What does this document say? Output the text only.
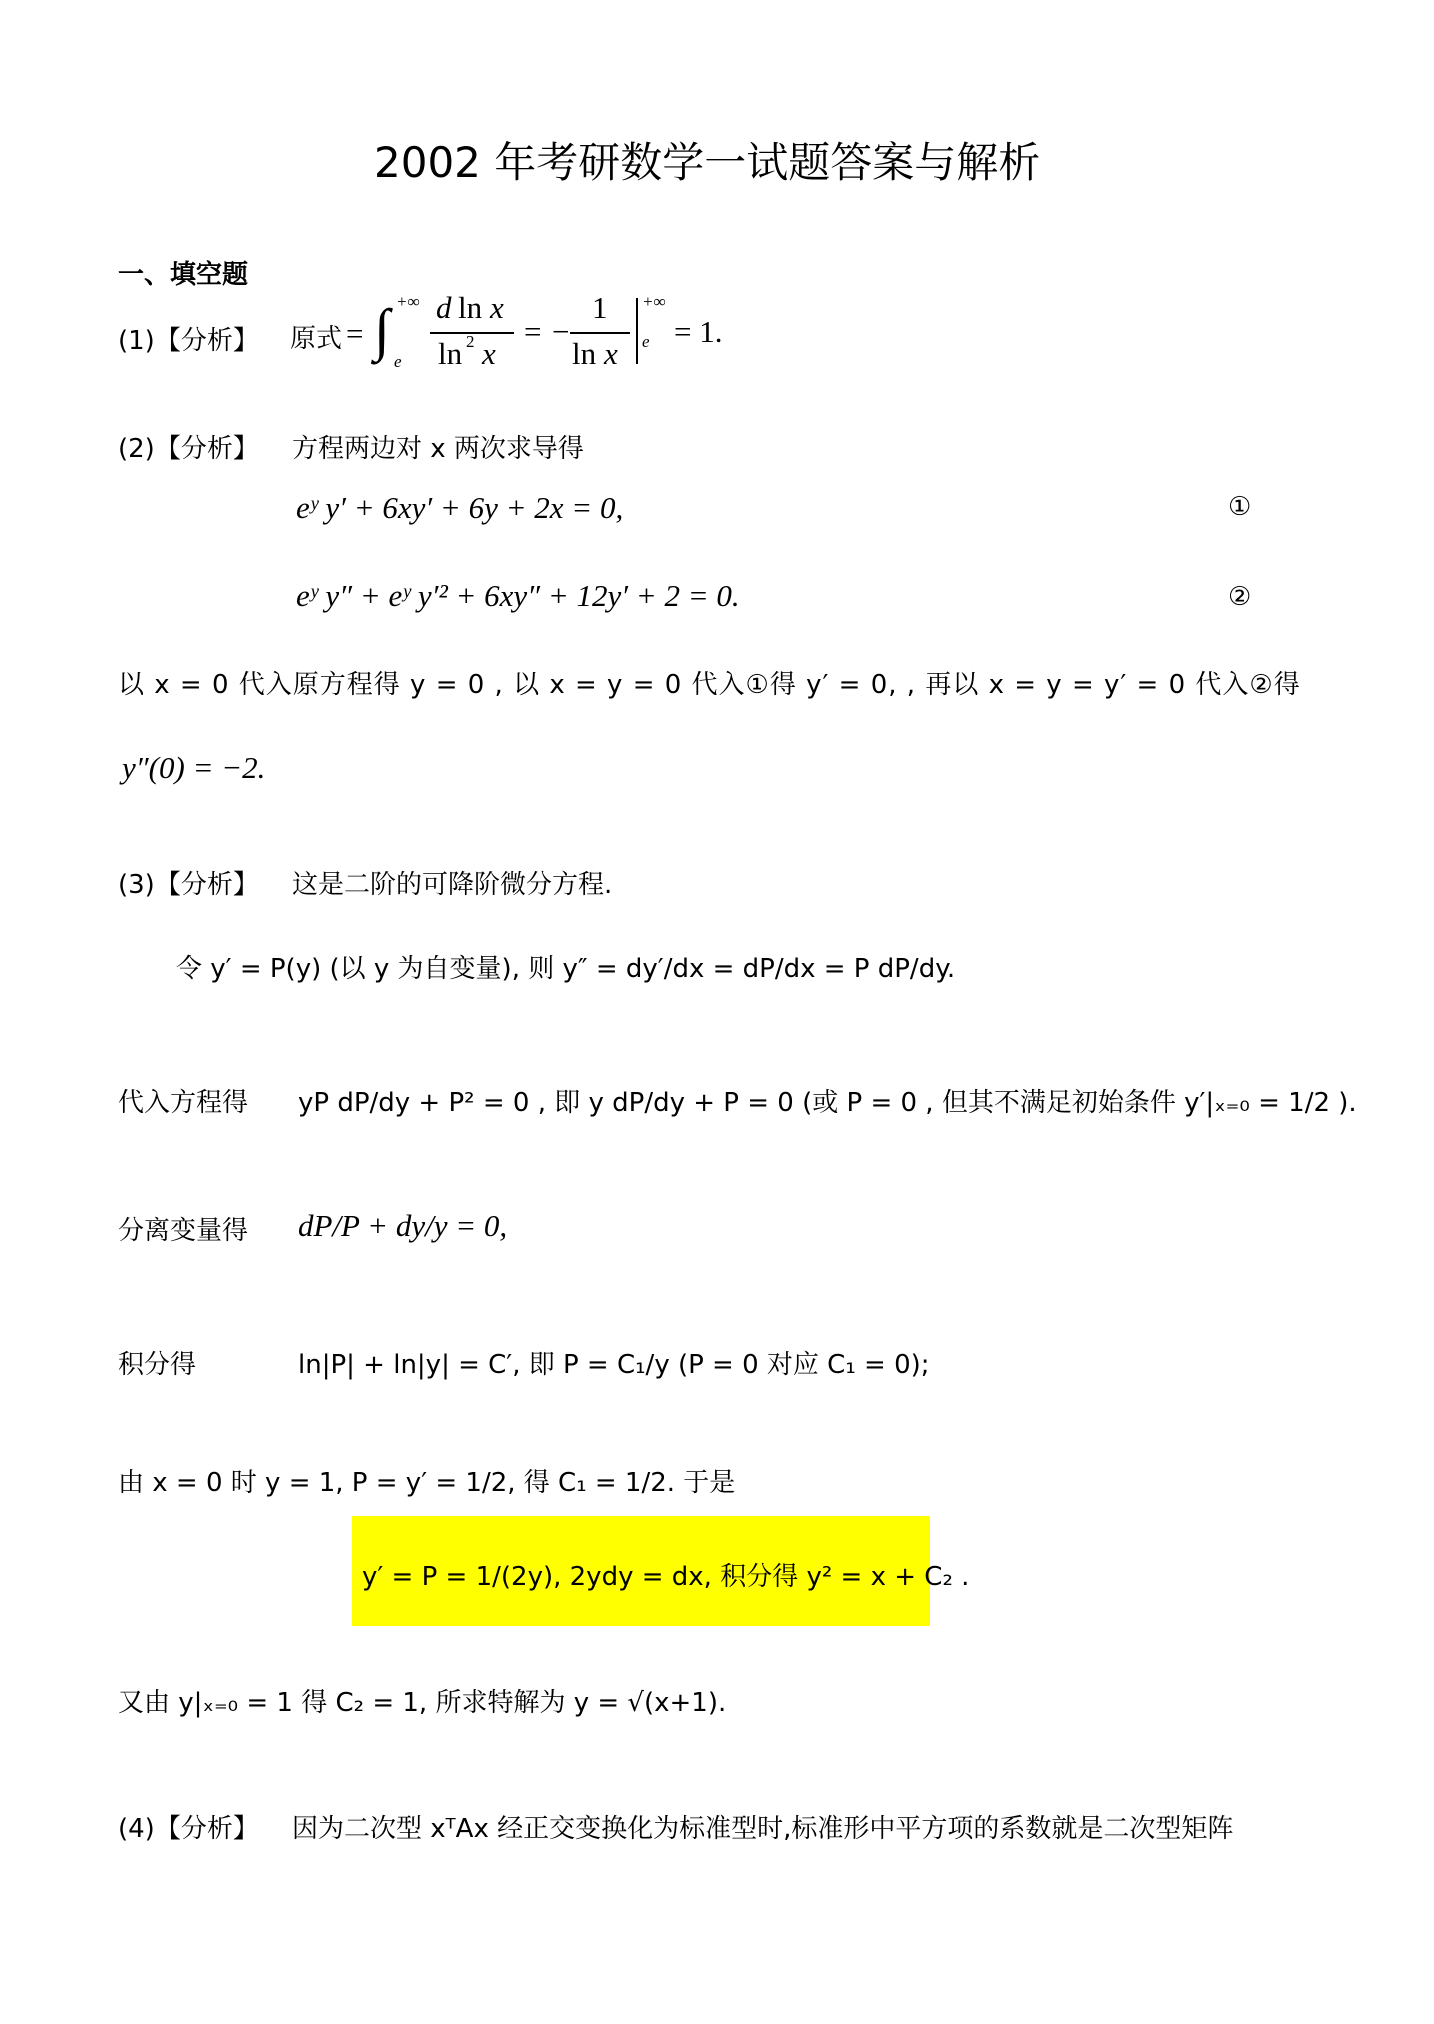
2002 年考研数学一试题答案与解析
一、填空题
(1)【分析】 原式 = ∫ +∞
e
d ln x
ln 2 x
= −
1
ln x
+∞
e = 1.
(2)【分析】 方程两边对 x 两次求导得
eʸ y′ + 6xy′ + 6y + 2x = 0,	①
eʸ y″ + eʸ y′² + 6xy″ + 12y′ + 2 = 0.	②
以 x = 0 代入原方程得 y = 0 , 以 x = y = 0 代入①得 y′ = 0, , 再以 x = y = y′ = 0 代入②得
y″(0) = −2.
(3)【分析】 这是二阶的可降阶微分方程.
令 y′ = P(y) (以 y 为自变量), 则 y″ = dy′/dx = dP/dx = P dP/dy.
代入方程得 yP dP/dy + P² = 0 , 即 y dP/dy + P = 0 (或 P = 0 , 但其不满足初始条件 y′|ₓ₌₀ = 1/2 ).
分离变量得 dP/P + dy/y = 0,
积分得	ln|P| + ln|y| = C′, 即 P = C₁/y (P = 0 对应 C₁ = 0);
由 x = 0 时 y = 1, P = y′ = 1/2, 得 C₁ = 1/2. 于是
y′ = P = 1/(2y), 2ydy = dx, 积分得 y² = x + C₂ .
又由 y|ₓ₌₀ = 1 得 C₂ = 1, 所求特解为 y = √(x+1).
(4)【分析】 因为二次型 xᵀAx 经正交变换化为标准型时,标准形中平方项的系数就是二次型矩阵
